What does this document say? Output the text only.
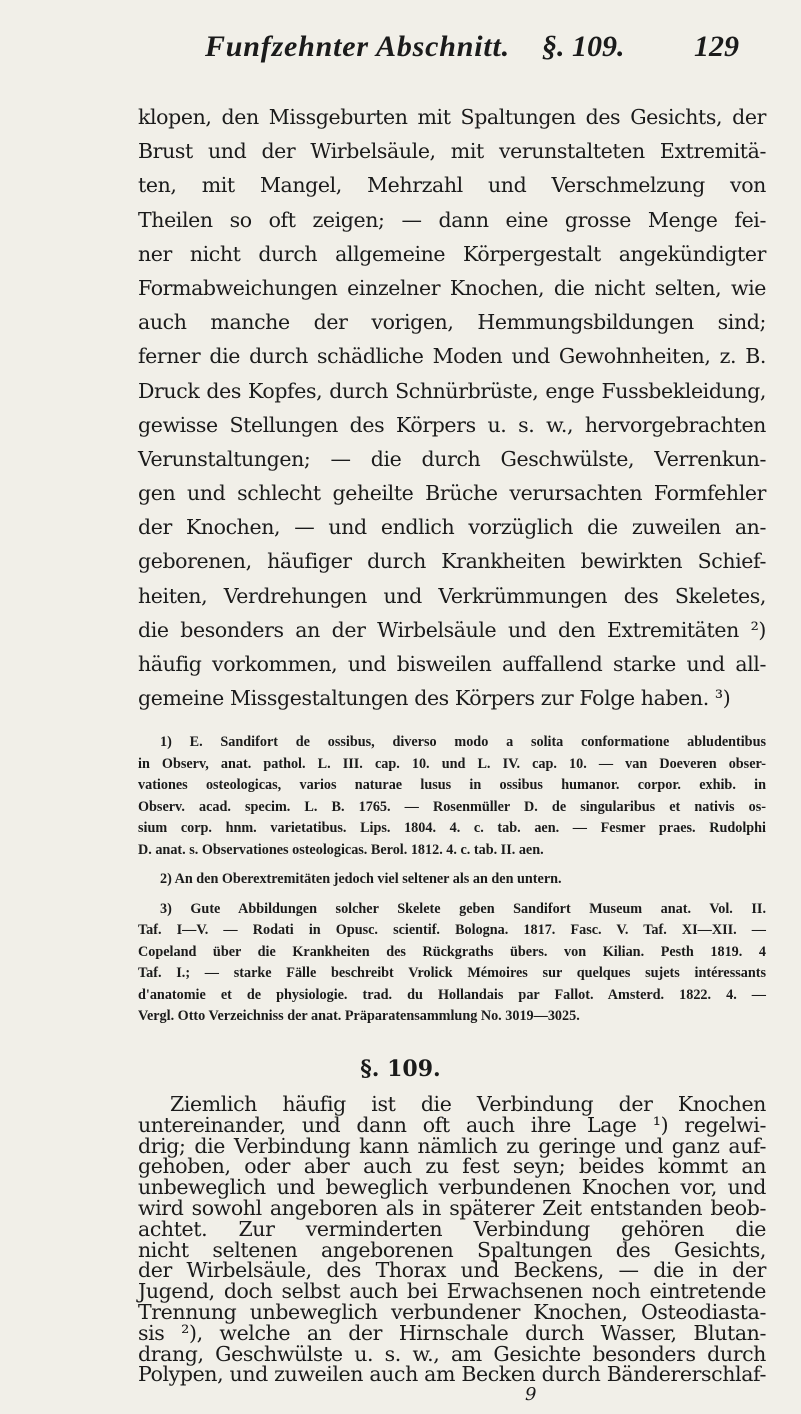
Funfzehnter Abschnitt. §. 109. 129
klopen, den Missgeburten mit Spaltungen des Gesichts, der
Brust und der Wirbelsäule, mit verunstalteten Extremitä-
ten, mit Mangel, Mehrzahl und Verschmelzung von
Theilen so oft zeigen; — dann eine grosse Menge fei-
ner nicht durch allgemeine Körpergestalt angekündigter
Formabweichungen einzelner Knochen, die nicht selten, wie
auch manche der vorigen, Hemmungsbildungen sind;
ferner die durch schädliche Moden und Gewohnheiten, z. B.
Druck des Kopfes, durch Schnürbrüste, enge Fussbekleidung,
gewisse Stellungen des Körpers u. s. w., hervorgebrachten
Verunstaltungen; — die durch Geschwülste, Verrenkun-
gen und schlecht geheilte Brüche verursachten Formfehler
der Knochen, — und endlich vorzüglich die zuweilen an-
geborenen, häufiger durch Krankheiten bewirkten Schief-
heiten, Verdrehungen und Verkrümmungen des Skeletes,
die besonders an der Wirbelsäule und den Extremitäten ²)
häufig vorkommen, und bisweilen auffallend starke und all-
gemeine Missgestaltungen des Körpers zur Folge haben. ³)
1) E. Sandifort de ossibus, diverso modo a solita conformatione abludentibus
in Observ, anat. pathol. L. III. cap. 10. und L. IV. cap. 10. — van Doeveren obser-
vationes osteologicas, varios naturae lusus in ossibus humanor. corpor. exhib. in
Observ. acad. specim. L. B. 1765. — Rosenmüller D. de singularibus et nativis os-
sium corp. hnm. varietatibus. Lips. 1804. 4. c. tab. aen. — Fesmer praes. Rudolphi
D. anat. s. Observationes osteologicas. Berol. 1812. 4. c. tab. II. aen.
2) An den Oberextremitäten jedoch viel seltener als an den untern.
3) Gute Abbildungen solcher Skelete geben Sandifort Museum anat. Vol. II.
Taf. I—V. — Rodati in Opusc. scientif. Bologna. 1817. Fasc. V. Taf. XI—XII. —
Copeland über die Krankheiten des Rückgraths übers. von Kilian. Pesth 1819. 4
Taf. I.; — starke Fälle beschreibt Vrolick Mémoires sur quelques sujets intéressants
d'anatomie et de physiologie. trad. du Hollandais par Fallot. Amsterd. 1822. 4. —
Vergl. Otto Verzeichniss der anat. Präparatensammlung No. 3019—3025.
§. 109.
Ziemlich häufig ist die Verbindung der Knochen
untereinander, und dann oft auch ihre Lage ¹) regelwi-
drig; die Verbindung kann nämlich zu geringe und ganz auf-
gehoben, oder aber auch zu fest seyn; beides kommt an
unbeweglich und beweglich verbundenen Knochen vor, und
wird sowohl angeboren als in späterer Zeit entstanden beob-
achtet. Zur verminderten Verbindung gehören die
nicht seltenen angeborenen Spaltungen des Gesichts,
der Wirbelsäule, des Thorax und Beckens, — die in der
Jugend, doch selbst auch bei Erwachsenen noch eintretende
Trennung unbeweglich verbundener Knochen, Osteodiasta-
sis ²), welche an der Hirnschale durch Wasser, Blutan-
drang, Geschwülste u. s. w., am Gesichte besonders durch
Polypen, und zuweilen auch am Becken durch Bändererschlaf-
9
